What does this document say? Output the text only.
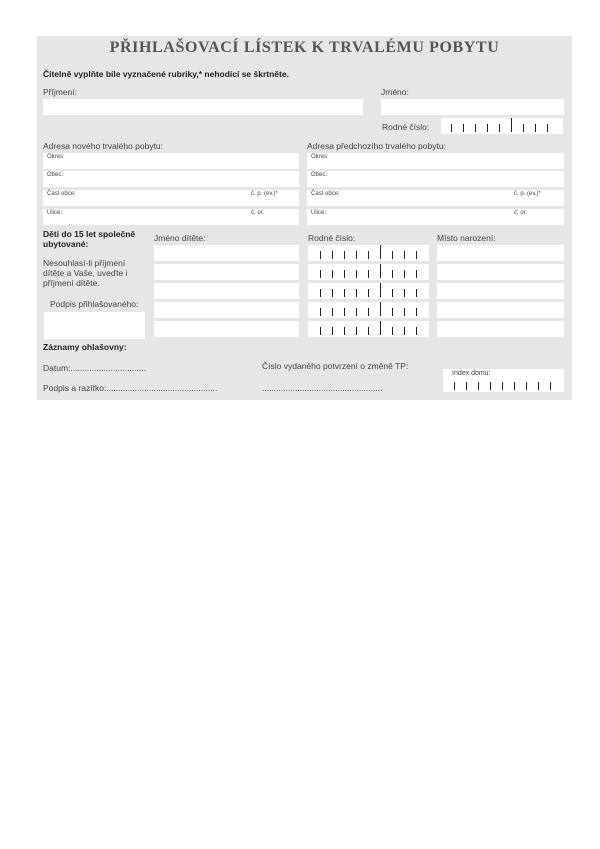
PŘIHLAŠOVACÍ LÍSTEK K TRVALÉMU POBYTU
Čitelně vyplňte bíle vyznačené rubriky,* nehodící se škrtněte.
Příjmení:	Jméno:
Rodné číslo:
Adresa nového trvalého pobytu:
Okres:
Obec:
Část obce:	č. p. (ev.)*
Ulice:	č. or.
Adresa předchozího trvalého pobytu:
Okres:
Obec:
Část obce:	č. p. (ev.)*
Ulice:	č. or.
Děti do 15 let společně ubytované:
Nesouhlasí-li příjmení dítěte a Vaše, uveďte i příjmení dítěte.
Podpis přihlašovaného:
Jméno dítěte:	Rodné číslo:	Místo narození:
Záznamy ohlašovny:
Datum:................................
Podpis a razítko:...............................................
Číslo vydaného potvrzení o změně TP:
...................................................
Index domu:
